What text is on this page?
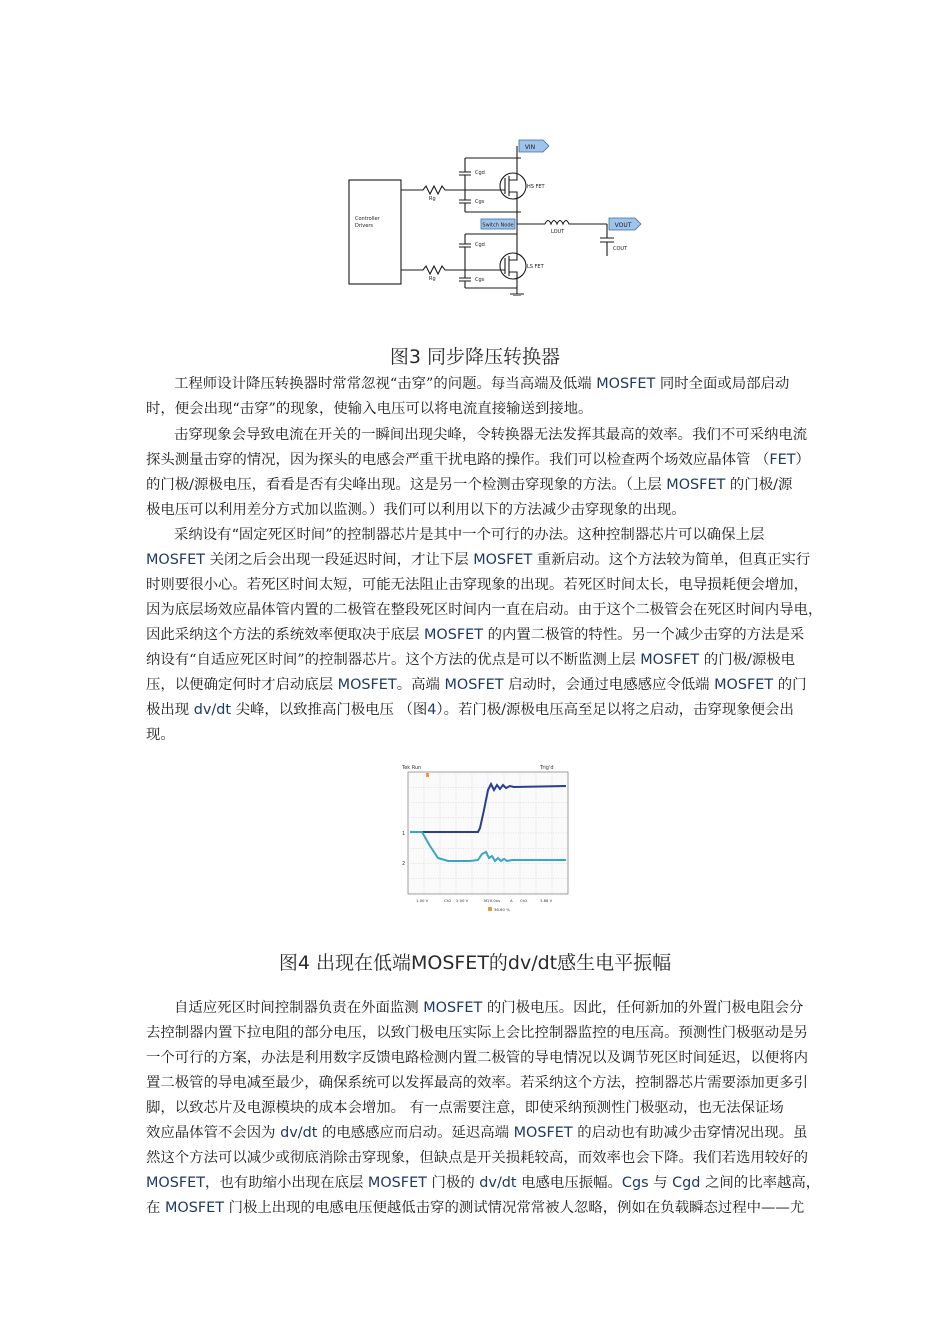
VIN
Switch Node	VOUT
Cgd
Cgs
Rg
HS FET
Controller
Drivers
LOUT
COUT
Cgd
Cgs
Rg
LS FET
图3 同步降压转换器

工程师设计降压转换器时常常忽视“击穿”的问题。每当高端及低端 MOSFET 同时全面或局部启动
时，便会出现“击穿”的现象，使输入电压可以将电流直接输送到接地。

击穿现象会导致电流在开关的一瞬间出现尖峰，令转换器无法发挥其最高的效率。我们不可采纳电流
探头测量击穿的情况，因为探头的电感会严重干扰电路的操作。我们可以检查两个场效应晶体管 （FET）
的门极/源极电压，看看是否有尖峰出现。这是另一个检测击穿现象的方法。（上层 MOSFET 的门极/源
极电压可以利用差分方式加以监测。）我们可以利用以下的方法减少击穿现象的出现。

采纳设有“固定死区时间”的控制器芯片是其中一个可行的办法。这种控制器芯片可以确保上层
MOSFET 关闭之后会出现一段延迟时间，才让下层 MOSFET 重新启动。这个方法较为简单，但真正实行
时则要很小心。若死区时间太短，可能无法阻止击穿现象的出现。若死区时间太长，电导损耗便会增加，
因为底层场效应晶体管内置的二极管在整段死区时间内一直在启动。由于这个二极管会在死区时间内导电，
因此采纳这个方法的系统效率便取决于底层 MOSFET 的内置二极管的特性。另一个减少击穿的方法是采
纳设有“自适应死区时间”的控制器芯片。这个方法的优点是可以不断监测上层 MOSFET 的门极/源极电
压，以便确定何时才启动底层 MOSFET。高端 MOSFET 启动时，会通过电感感应令低端 MOSFET 的门
极出现 dv/dt 尖峰，以致推高门极电压 （图4）。若门极/源极电压高至足以将之启动，击穿现象便会出
现。

Tek Run	Trig'd
1
2
1.00 V	Ch2 2.00 V	M20.0ns	A Ch2	3.88 V
36.60 %
图4 出现在低端MOSFET的dv/dt感生电平振幅

自适应死区时间控制器负责在外面监测 MOSFET 的门极电压。因此，任何新加的外置门极电阻会分
去控制器内置下拉电阻的部分电压，以致门极电压实际上会比控制器监控的电压高。预测性门极驱动是另
一个可行的方案，办法是利用数字反馈电路检测内置二极管的导电情况以及调节死区时间延迟，以便将内
置二极管的导电减至最少，确保系统可以发挥最高的效率。若采纳这个方法，控制器芯片需要添加更多引
脚，以致芯片及电源模块的成本会增加。 有一点需要注意，即使采纳预测性门极驱动，也无法保证场
效应晶体管不会因为 dv/dt 的电感感应而启动。延迟高端 MOSFET 的启动也有助减少击穿情况出现。虽
然这个方法可以减少或彻底消除击穿现象，但缺点是开关损耗较高，而效率也会下降。我们若选用较好的
MOSFET，也有助缩小出现在底层 MOSFET 门极的 dv/dt 电感电压振幅。Cgs 与 Cgd 之间的比率越高，
在 MOSFET 门极上出现的电感电压便越低击穿的测试情况常常被人忽略，例如在负载瞬态过程中——尤
